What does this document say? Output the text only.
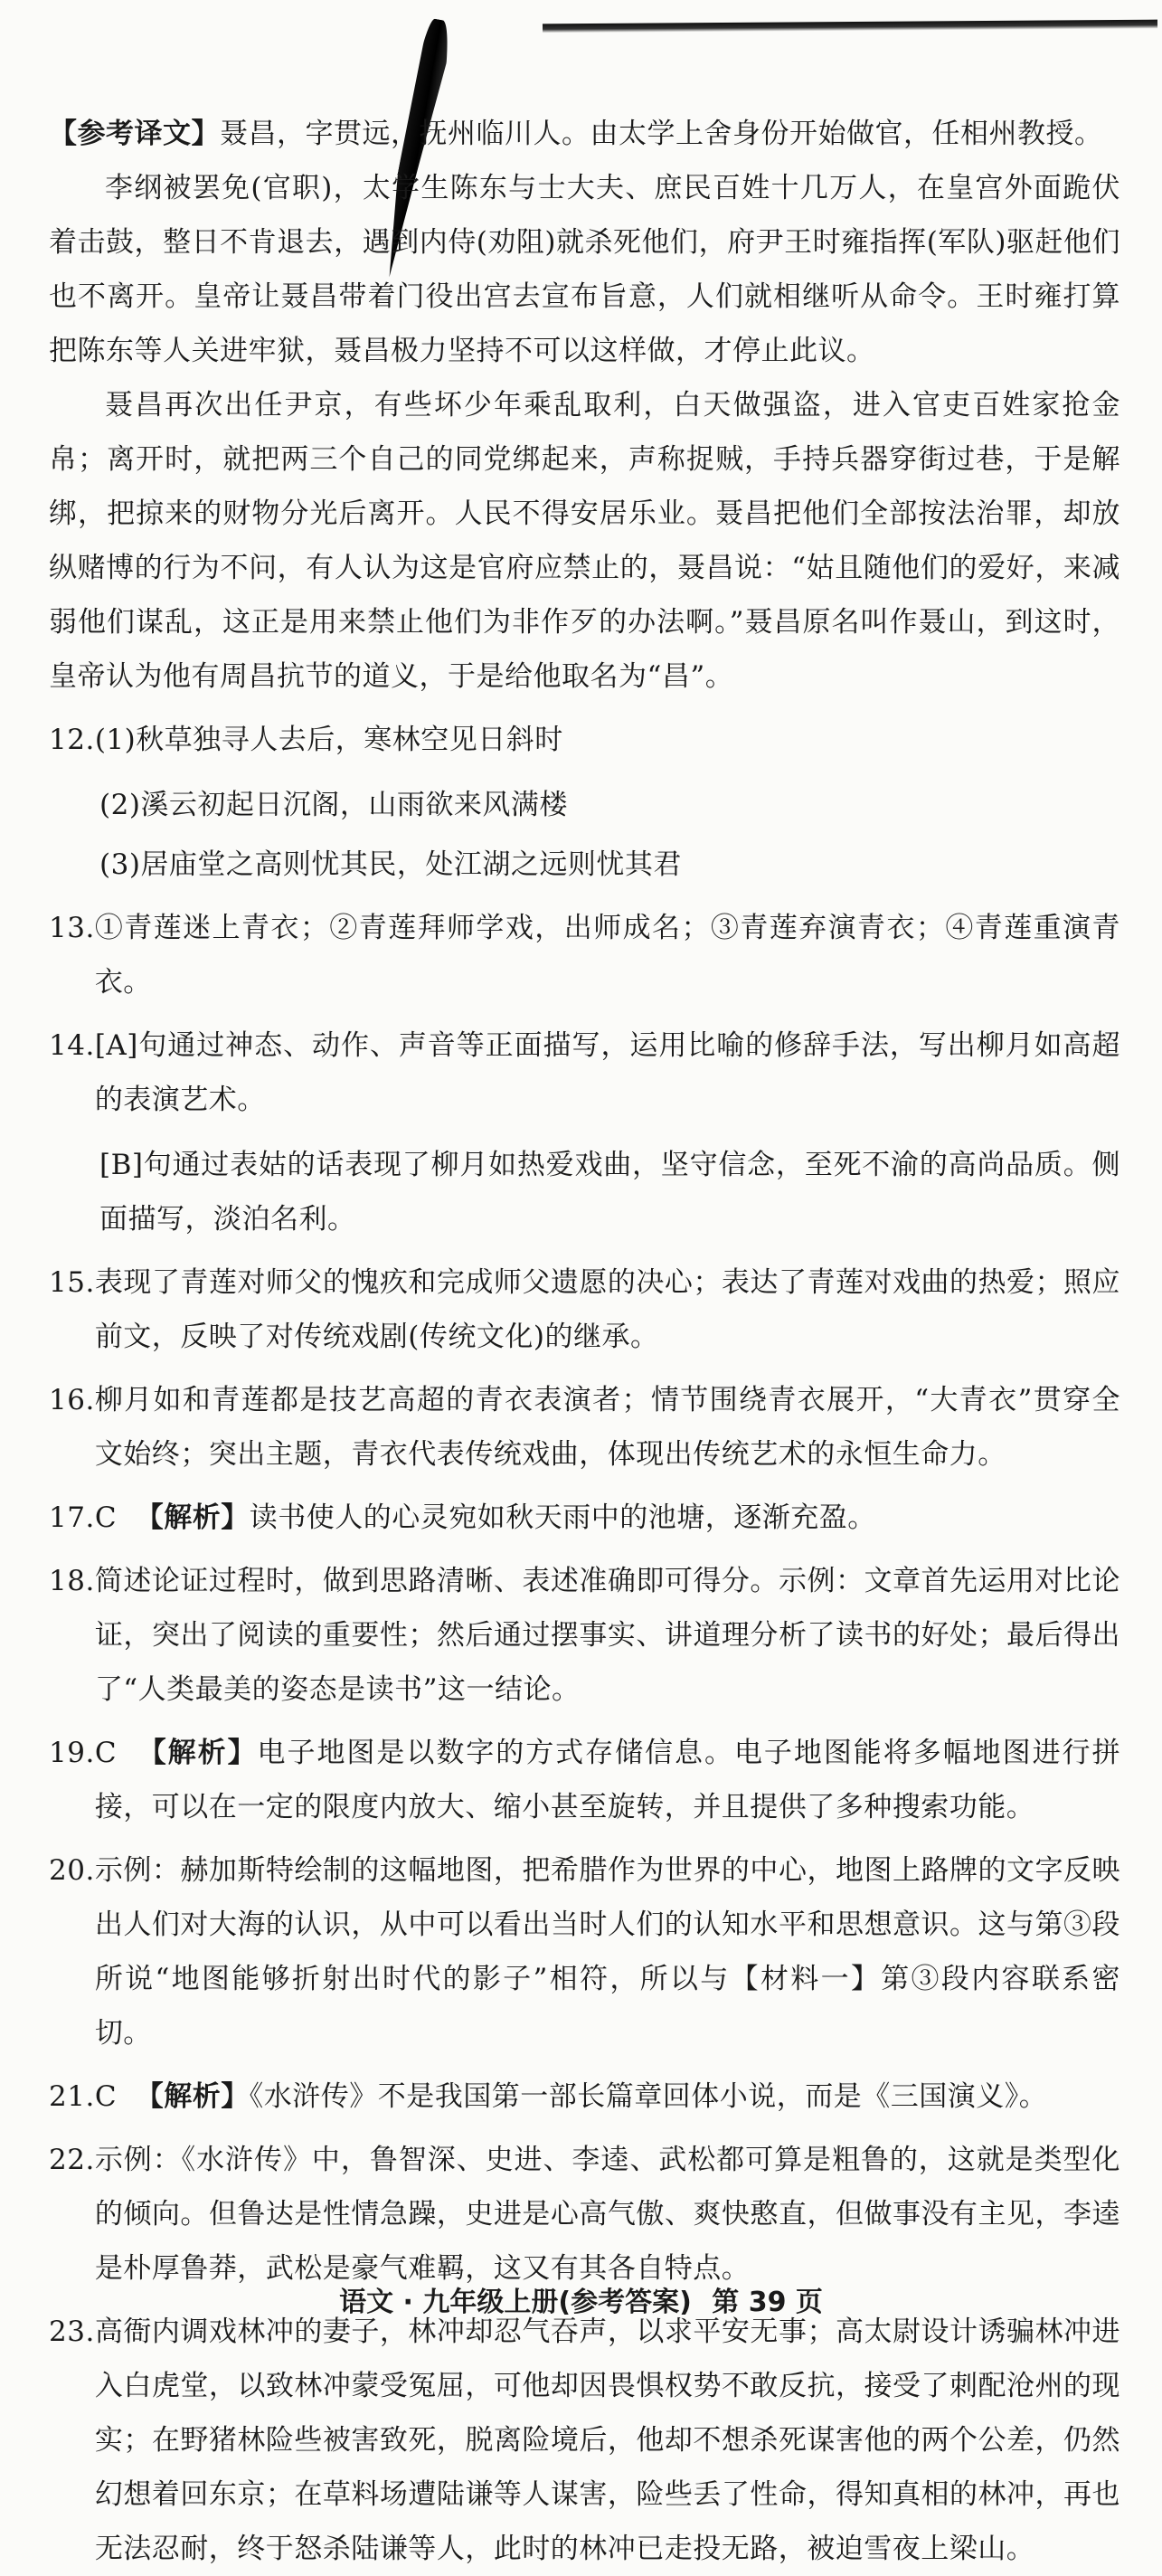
【参考译文】聂昌，字贯远，抚州临川人。由太学上舍身份开始做官，任相州教授。

李纲被罢免(官职)，太学生陈东与士大夫、庶民百姓十几万人，在皇宫外面跪伏着击鼓，整日不肯退去，遇到内侍(劝阻)就杀死他们，府尹王时雍指挥(军队)驱赶他们也不离开。皇帝让聂昌带着门役出宫去宣布旨意，人们就相继听从命令。王时雍打算把陈东等人关进牢狱，聂昌极力坚持不可以这样做，才停止此议。

聂昌再次出任尹京，有些坏少年乘乱取利，白天做强盗，进入官吏百姓家抢金帛；离开时，就把两三个自己的同党绑起来，声称捉贼，手持兵器穿街过巷，于是解绑，把掠来的财物分光后离开。人民不得安居乐业。聂昌把他们全部按法治罪，却放纵赌博的行为不问，有人认为这是官府应禁止的，聂昌说：“姑且随他们的爱好，来减弱他们谋乱，这正是用来禁止他们为非作歹的办法啊。”聂昌原名叫作聂山，到这时，皇帝认为他有周昌抗节的道义，于是给他取名为“昌”。

12. (1)秋草独寻人去后，寒林空见日斜时
(2)溪云初起日沉阁，山雨欲来风满楼
(3)居庙堂之高则忧其民，处江湖之远则忧其君
13. ①青莲迷上青衣；②青莲拜师学戏，出师成名；③青莲弃演青衣；④青莲重演青衣。
14. [A]句通过神态、动作、声音等正面描写，运用比喻的修辞手法，写出柳月如高超的表演艺术。
[B]句通过表姑的话表现了柳月如热爱戏曲，坚守信念，至死不渝的高尚品质。侧面描写，淡泊名利。
15. 表现了青莲对师父的愧疚和完成师父遗愿的决心；表达了青莲对戏曲的热爱；照应前文，反映了对传统戏剧(传统文化)的继承。
16. 柳月如和青莲都是技艺高超的青衣表演者；情节围绕青衣展开，“大青衣”贯穿全文始终；突出主题，青衣代表传统戏曲，体现出传统艺术的永恒生命力。
17. C 【解析】读书使人的心灵宛如秋天雨中的池塘，逐渐充盈。
18. 简述论证过程时，做到思路清晰、表述准确即可得分。示例：文章首先运用对比论证，突出了阅读的重要性；然后通过摆事实、讲道理分析了读书的好处；最后得出了“人类最美的姿态是读书”这一结论。
19. C 【解析】电子地图是以数字的方式存储信息。电子地图能将多幅地图进行拼接，可以在一定的限度内放大、缩小甚至旋转，并且提供了多种搜索功能。
20. 示例：赫加斯特绘制的这幅地图，把希腊作为世界的中心，地图上路牌的文字反映出人们对大海的认识，从中可以看出当时人们的认知水平和思想意识。这与第③段所说“地图能够折射出时代的影子”相符，所以与【材料一】第③段内容联系密切。
21. C 【解析】《水浒传》不是我国第一部长篇章回体小说，而是《三国演义》。
22. 示例：《水浒传》中，鲁智深、史进、李逵、武松都可算是粗鲁的，这就是类型化的倾向。但鲁达是性情急躁，史进是心高气傲、爽快憨直，但做事没有主见，李逵是朴厚鲁莽，武松是豪气难羁，这又有其各自特点。
23. 高衙内调戏林冲的妻子，林冲却忍气吞声，以求平安无事；高太尉设计诱骗林冲进入白虎堂，以致林冲蒙受冤屈，可他却因畏惧权势不敢反抗，接受了刺配沧州的现实；在野猪林险些被害致死，脱离险境后，他却不想杀死谋害他的两个公差，仍然幻想着回东京；在草料场遭陆谦等人谋害，险些丢了性命，得知真相的林冲，再也无法忍耐，终于怒杀陆谦等人，此时的林冲已走投无路，被迫雪夜上梁山。
语文 · 九年级上册(参考答案) 第 39 页
